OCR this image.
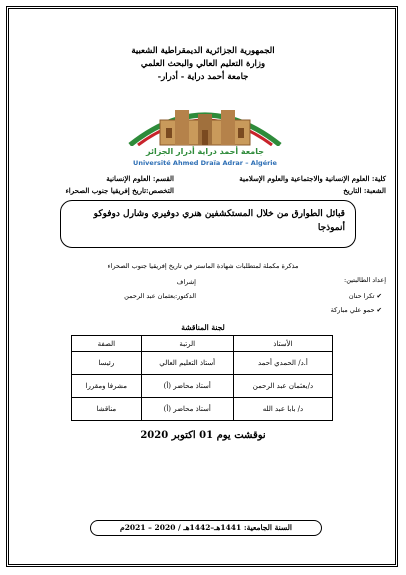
الجمهورية الجزائرية الديمقراطية الشعبية
وزارة التعليم العالي والبحث العلمي
جامعة أحمد دراية - أدرار-
جامعة أحمد دراية أدرار الجزائر
Université Ahmed Draïa Adrar – Algérie
كلية: العلوم الإنسانية والاجتماعية والعلوم الإسلامية
القسم: العلوم الإنسانية
الشعبة: التاريخ
التخصص:تاريخ إفريقيا جنوب الصحراء
قبائل الطوارق من خلال المستكشفين هنري دوفيري وشارل دوفوكو
أنموذجا
مذكرة مكملة لمتطلبات شهادة الماستر في تاريخ إفريقيا جنوب الصحراء
إعداد الطالبتين:
إشراف
الدكتور:بعثمان عبد الرحمن	✔ تكرا حنان
✔ حمو علي مباركة
لجنة المناقشة
الأستاذ	الرتبة	الصفة
أ.د/ الحمدي أحمد	أستاذ التعليم العالي	رئيسا
د/بعثمان عبد الرحمن	أستاذ محاضر (أ)	مشرفا ومقررا
د/ بابا عبد الله	أستاذ محاضر (أ)	مناقشا
نوقشت يوم 01 اكتوبر 2020
السنة الجامعية: 1441هـ–1442هـ / 2020 – 2021م
